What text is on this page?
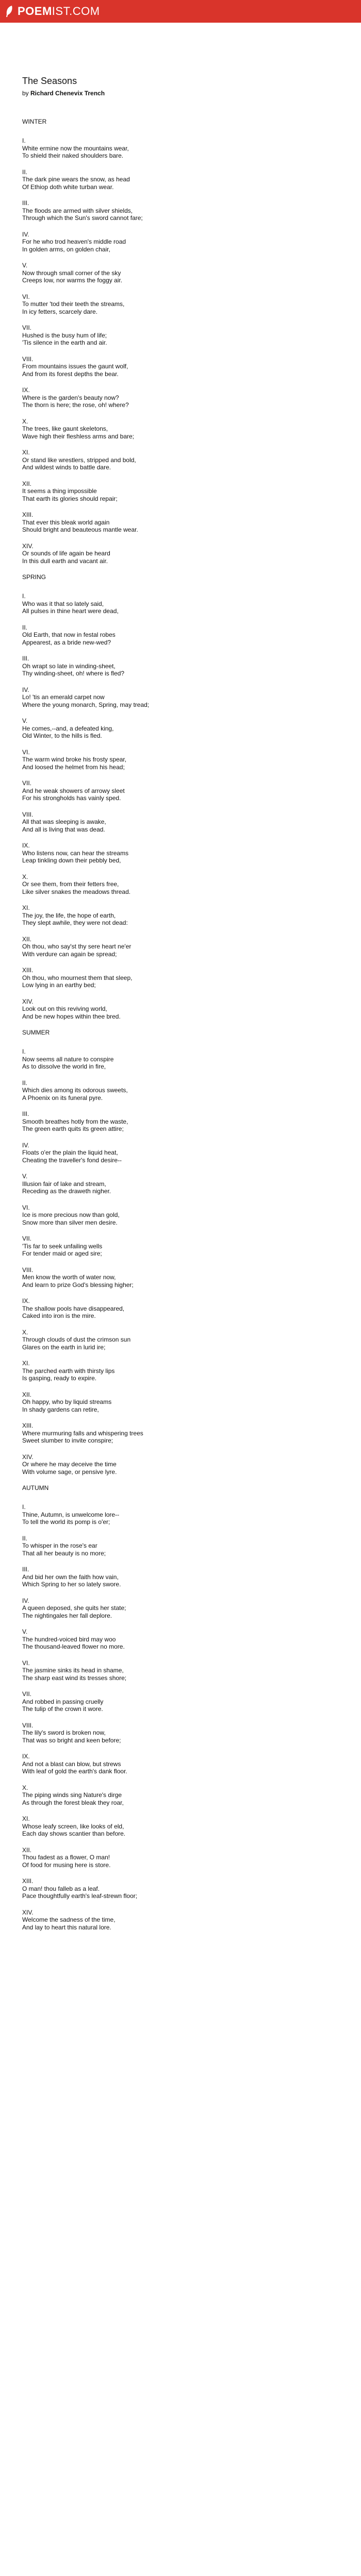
POEMIST.COM
The Seasons
by Richard Chenevix Trench
WINTER
I.
White ermine now the mountains wear,
To shield their naked shoulders bare.
II.
The dark pine wears the snow, as head
Of Ethiop doth white turban wear.
III.
The floods are armed with silver shields,
Through which the Sun's sword cannot fare;
IV.
For he who trod heaven's middle road
In golden arms, on golden chair,
V.
Now through small corner of the sky
Creeps low, nor warms the foggy air.
VI.
To mutter 'tod their teeth the streams,
In icy fetters, scarcely dare.
VII.
Hushed is the busy hum of life;
'Tis silence in the earth and air.
VIII.
From mountains issues the gaunt wolf,
And from its forest depths the bear.
IX.
Where is the garden's beauty now?
The thorn is here; the rose, oh! where?
X.
The trees, like gaunt skeletons,
Wave high their fleshless arms and bare;
XI.
Or stand like wrestlers, stripped and bold,
And wildest winds to battle dare.
XII.
It seems a thing impossible
That earth its glories should repair;
XIII.
That ever this bleak world again
Should bright and beauteous mantle wear.
XIV.
Or sounds of life again be heard
In this dull earth and vacant air.
SPRING
I.
Who was it that so lately said,
All pulses in thine heart were dead,
II.
Old Earth, that now in festal robes
Appearest, as a bride new-wed?
III.
Oh wrapt so late in winding-sheet,
Thy winding-sheet, oh! where is fled?
IV.
Lo! 'tis an emerald carpet now
Where the young monarch, Spring, may tread;
V.
He comes,--and, a defeated king,
Old Winter, to the hills is fled.
VI.
The warm wind broke his frosty spear,
And loosed the helmet from his head;
VII.
And he weak showers of arrowy sleet
For his strongholds has vainly sped.
VIII.
All that was sleeping is awake,
And all is living that was dead.
IX.
Who listens now, can hear the streams
Leap tinkling down their pebbly bed,
X.
Or see them, from their fetters free,
Like silver snakes the meadows thread.
XI.
The joy, the life, the hope of earth,
They slept awhile, they were not dead:
XII.
Oh thou, who say'st thy sere heart ne'er
With verdure can again be spread;
XIII.
Oh thou, who mournest them that sleep,
Low lying in an earthy bed;
XIV.
Look out on this reviving world,
And be new hopes within thee bred.
SUMMER
I.
Now seems all nature to conspire
As to dissolve the world in fire,
II.
Which dies among its odorous sweets,
A Phoenix on its funeral pyre.
III.
Smooth breathes hotly from the waste,
The green earth quits its green attire;
IV.
Floats o'er the plain the liquid heat,
Cheating the traveller's fond desire--
V.
Illusion fair of lake and stream,
Receding as the draweth nigher.
VI.
Ice is more precious now than gold,
Snow more than silver men desire.
VII.
'Tis far to seek unfailing wells
For tender maid or aged sire;
VIII.
Men know the worth of water now,
And learn to prize God's blessing higher;
IX.
The shallow pools have disappeared,
Caked into iron is the mire.
X.
Through clouds of dust the crimson sun
Glares on the earth in lurid ire;
XI.
The parched earth with thirsty lips
Is gasping, ready to expire.
XII.
Oh happy, who by liquid streams
In shady gardens can retire,
XIII.
Where murmuring falls and whispering trees
Sweet slumber to invite conspire;
XIV.
Or where he may deceive the time
With volume sage, or pensive lyre.
AUTUMN
I.
Thine, Autumn, is unwelcome lore--
To tell the world its pomp is o'er;
II.
To whisper in the rose's ear
That all her beauty is no more;
III.
And bid her own the faith how vain,
Which Spring to her so lately swore.
IV.
A queen deposed, she quits her state;
The nightingales her fall deplore.
V.
The hundred-voiced bird may woo
The thousand-leaved flower no more.
VI.
The jasmine sinks its head in shame,
The sharp east wind its tresses shore;
VII.
And robbed in passing cruelly
The tulip of the crown it wore.
VIII.
The lily's sword is broken now,
That was so bright and keen before;
IX.
And not a blast can blow, but strews
With leaf of gold the earth's dank floor.
X.
The piping winds sing Nature's dirge
As through the forest bleak they roar,
XI.
Whose leafy screen, like looks of eld,
Each day shows scantier than before.
XII.
Thou fadest as a flower, O man!
Of food for musing here is store.
XIII.
O man! thou falleb as a leaf.
Pace thoughtfully earth's leaf-strewn floor;
XIV.
Welcome the sadness of the time,
And lay to heart this natural lore.
